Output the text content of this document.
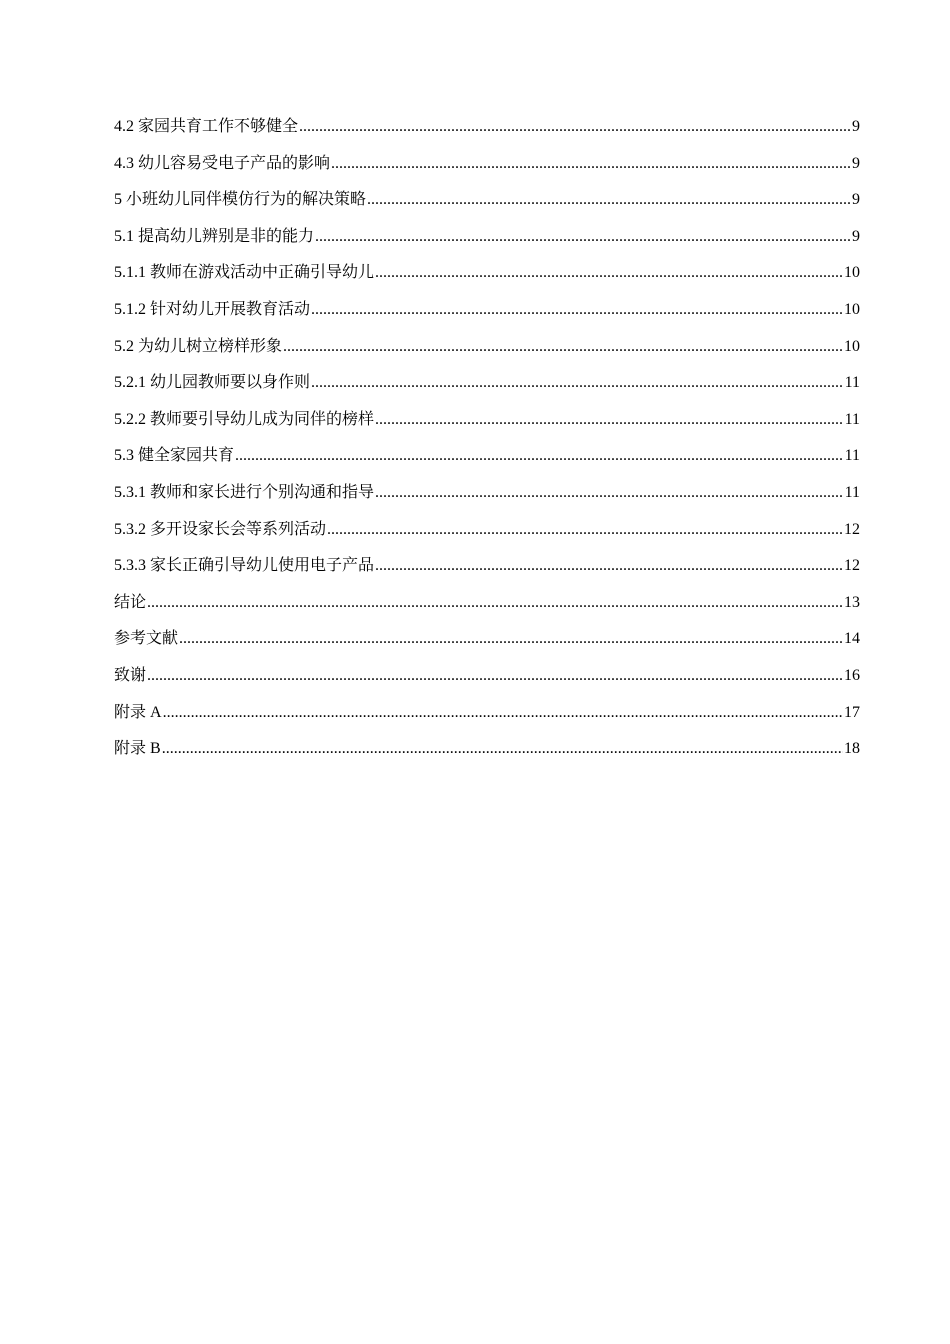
4.2 家园共育工作不够健全 .....	9
4.3 幼儿容易受电子产品的影响 .....	9
5 小班幼儿同伴模仿行为的解决策略 .....	9
5.1 提高幼儿辨别是非的能力 .....	9
5.1.1 教师在游戏活动中正确引导幼儿 .....	10
5.1.2 针对幼儿开展教育活动 .....	10
5.2 为幼儿树立榜样形象 .....	10
5.2.1 幼儿园教师要以身作则 .....	11
5.2.2 教师要引导幼儿成为同伴的榜样 .....	11
5.3 健全家园共育 .....	11
5.3.1 教师和家长进行个别沟通和指导 .....	11
5.3.2 多开设家长会等系列活动 .....	12
5.3.3 家长正确引导幼儿使用电子产品 .....	12
结论 .....	13
参考文献 .....	14
致谢 .....	16
附录 A .....	17
附录 B .....	18
